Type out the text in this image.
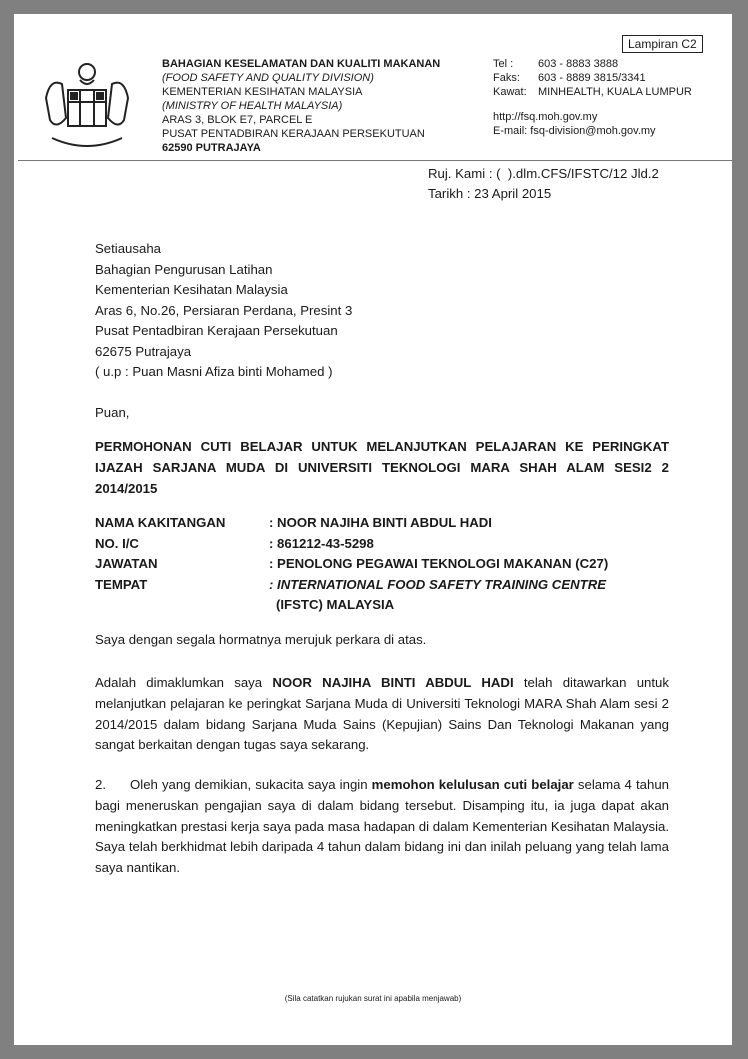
Lampiran C2
BAHAGIAN KESELAMATAN DAN KUALITI MAKANAN
(FOOD SAFETY AND QUALITY DIVISION)
KEMENTERIAN KESIHATAN MALAYSIA
(MINISTRY OF HEALTH MALAYSIA)
ARAS 3, BLOK E7, PARCEL E
PUSAT PENTADBIRAN KERAJAAN PERSEKUTUAN
62590 PUTRAJAYA
Tel : 603 - 8883 3888
Faks: 603 - 8889 3815/3341
Kawat: MINHEALTH, KUALA LUMPUR
http://fsq.moh.gov.my
E-mail: fsq-division@moh.gov.my
Ruj. Kami : (  ).dlm.CFS/IFSTC/12 Jld.2
Tarikh : 23 April 2015
Setiausaha
Bahagian Pengurusan Latihan
Kementerian Kesihatan Malaysia
Aras 6, No.26, Persiaran Perdana, Presint 3
Pusat Pentadbiran Kerajaan Persekutuan
62675 Putrajaya
( u.p : Puan Masni Afiza binti Mohamed )
Puan,
PERMOHONAN CUTI BELAJAR UNTUK MELANJUTKAN PELAJARAN KE PERINGKAT IJAZAH SARJANA MUDA DI UNIVERSITI TEKNOLOGI MARA SHAH ALAM SESI2 2 2014/2015
NAMA KAKITANGAN	: NOOR NAJIHA BINTI ABDUL HADI
NO. I/C	: 861212-43-5298
JAWATAN	: PENOLONG PEGAWAI TEKNOLOGI MAKANAN (C27)
TEMPAT	: INTERNATIONAL FOOD SAFETY TRAINING CENTRE
(IFSTC) MALAYSIA
Saya dengan segala hormatnya merujuk perkara di atas.
Adalah dimaklumkan saya NOOR NAJIHA BINTI ABDUL HADI telah ditawarkan untuk melanjutkan pelajaran ke peringkat Sarjana Muda di Universiti Teknologi MARA Shah Alam sesi 2 2014/2015 dalam bidang Sarjana Muda Sains (Kepujian) Sains Dan Teknologi Makanan yang sangat berkaitan dengan tugas saya sekarang.
2. Oleh yang demikian, sukacita saya ingin memohon kelulusan cuti belajar selama 4 tahun bagi meneruskan pengajian saya di dalam bidang tersebut. Disamping itu, ia juga dapat akan meningkatkan prestasi kerja saya pada masa hadapan di dalam Kementerian Kesihatan Malaysia. Saya telah berkhidmat lebih daripada 4 tahun dalam bidang ini dan inilah peluang yang telah lama saya nantikan.
(Sila catatkan rujukan surat ini apabila menjawab)
